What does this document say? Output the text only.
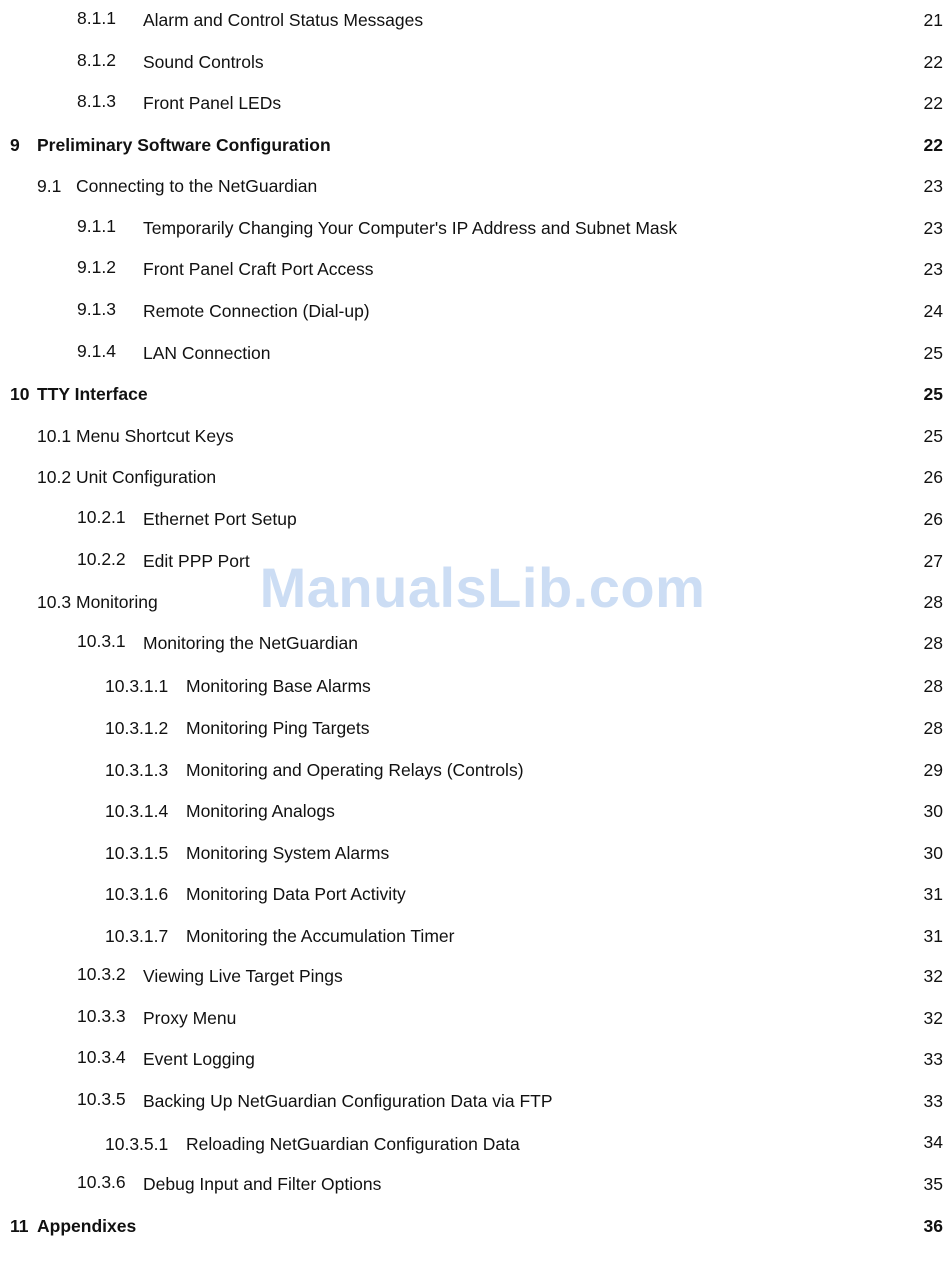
8.1.1 Alarm and Control Status Messages	21
8.1.2 Sound Controls	22
8.1.3 Front Panel LEDs	22
9 Preliminary Software Configuration	22
9.1 Connecting to the NetGuardian	23
9.1.1 Temporarily Changing Your Computer's IP Address and Subnet Mask	23
9.1.2 Front Panel Craft Port Access	23
9.1.3 Remote Connection (Dial-up)	24
9.1.4 LAN Connection	25
10 TTY Interface	25
10.1 Menu Shortcut Keys	25
10.2 Unit Configuration	26
10.2.1 Ethernet Port Setup	26
10.2.2 Edit PPP Port	27
10.3 Monitoring	28
10.3.1 Monitoring the NetGuardian	28
10.3.1.1 Monitoring Base Alarms	28
10.3.1.2 Monitoring Ping Targets	28
10.3.1.3 Monitoring and Operating Relays (Controls)	29
10.3.1.4 Monitoring Analogs	30
10.3.1.5 Monitoring System Alarms	30
10.3.1.6 Monitoring Data Port Activity	31
10.3.1.7 Monitoring the Accumulation Timer	31
10.3.2 Viewing Live Target Pings	32
10.3.3 Proxy Menu	32
10.3.4 Event Logging	33
10.3.5 Backing Up NetGuardian Configuration Data via FTP	33
10.3.5.1 Reloading NetGuardian Configuration Data	34
10.3.6 Debug Input and Filter Options	35
11 Appendixes	36
ManualsLib.com
